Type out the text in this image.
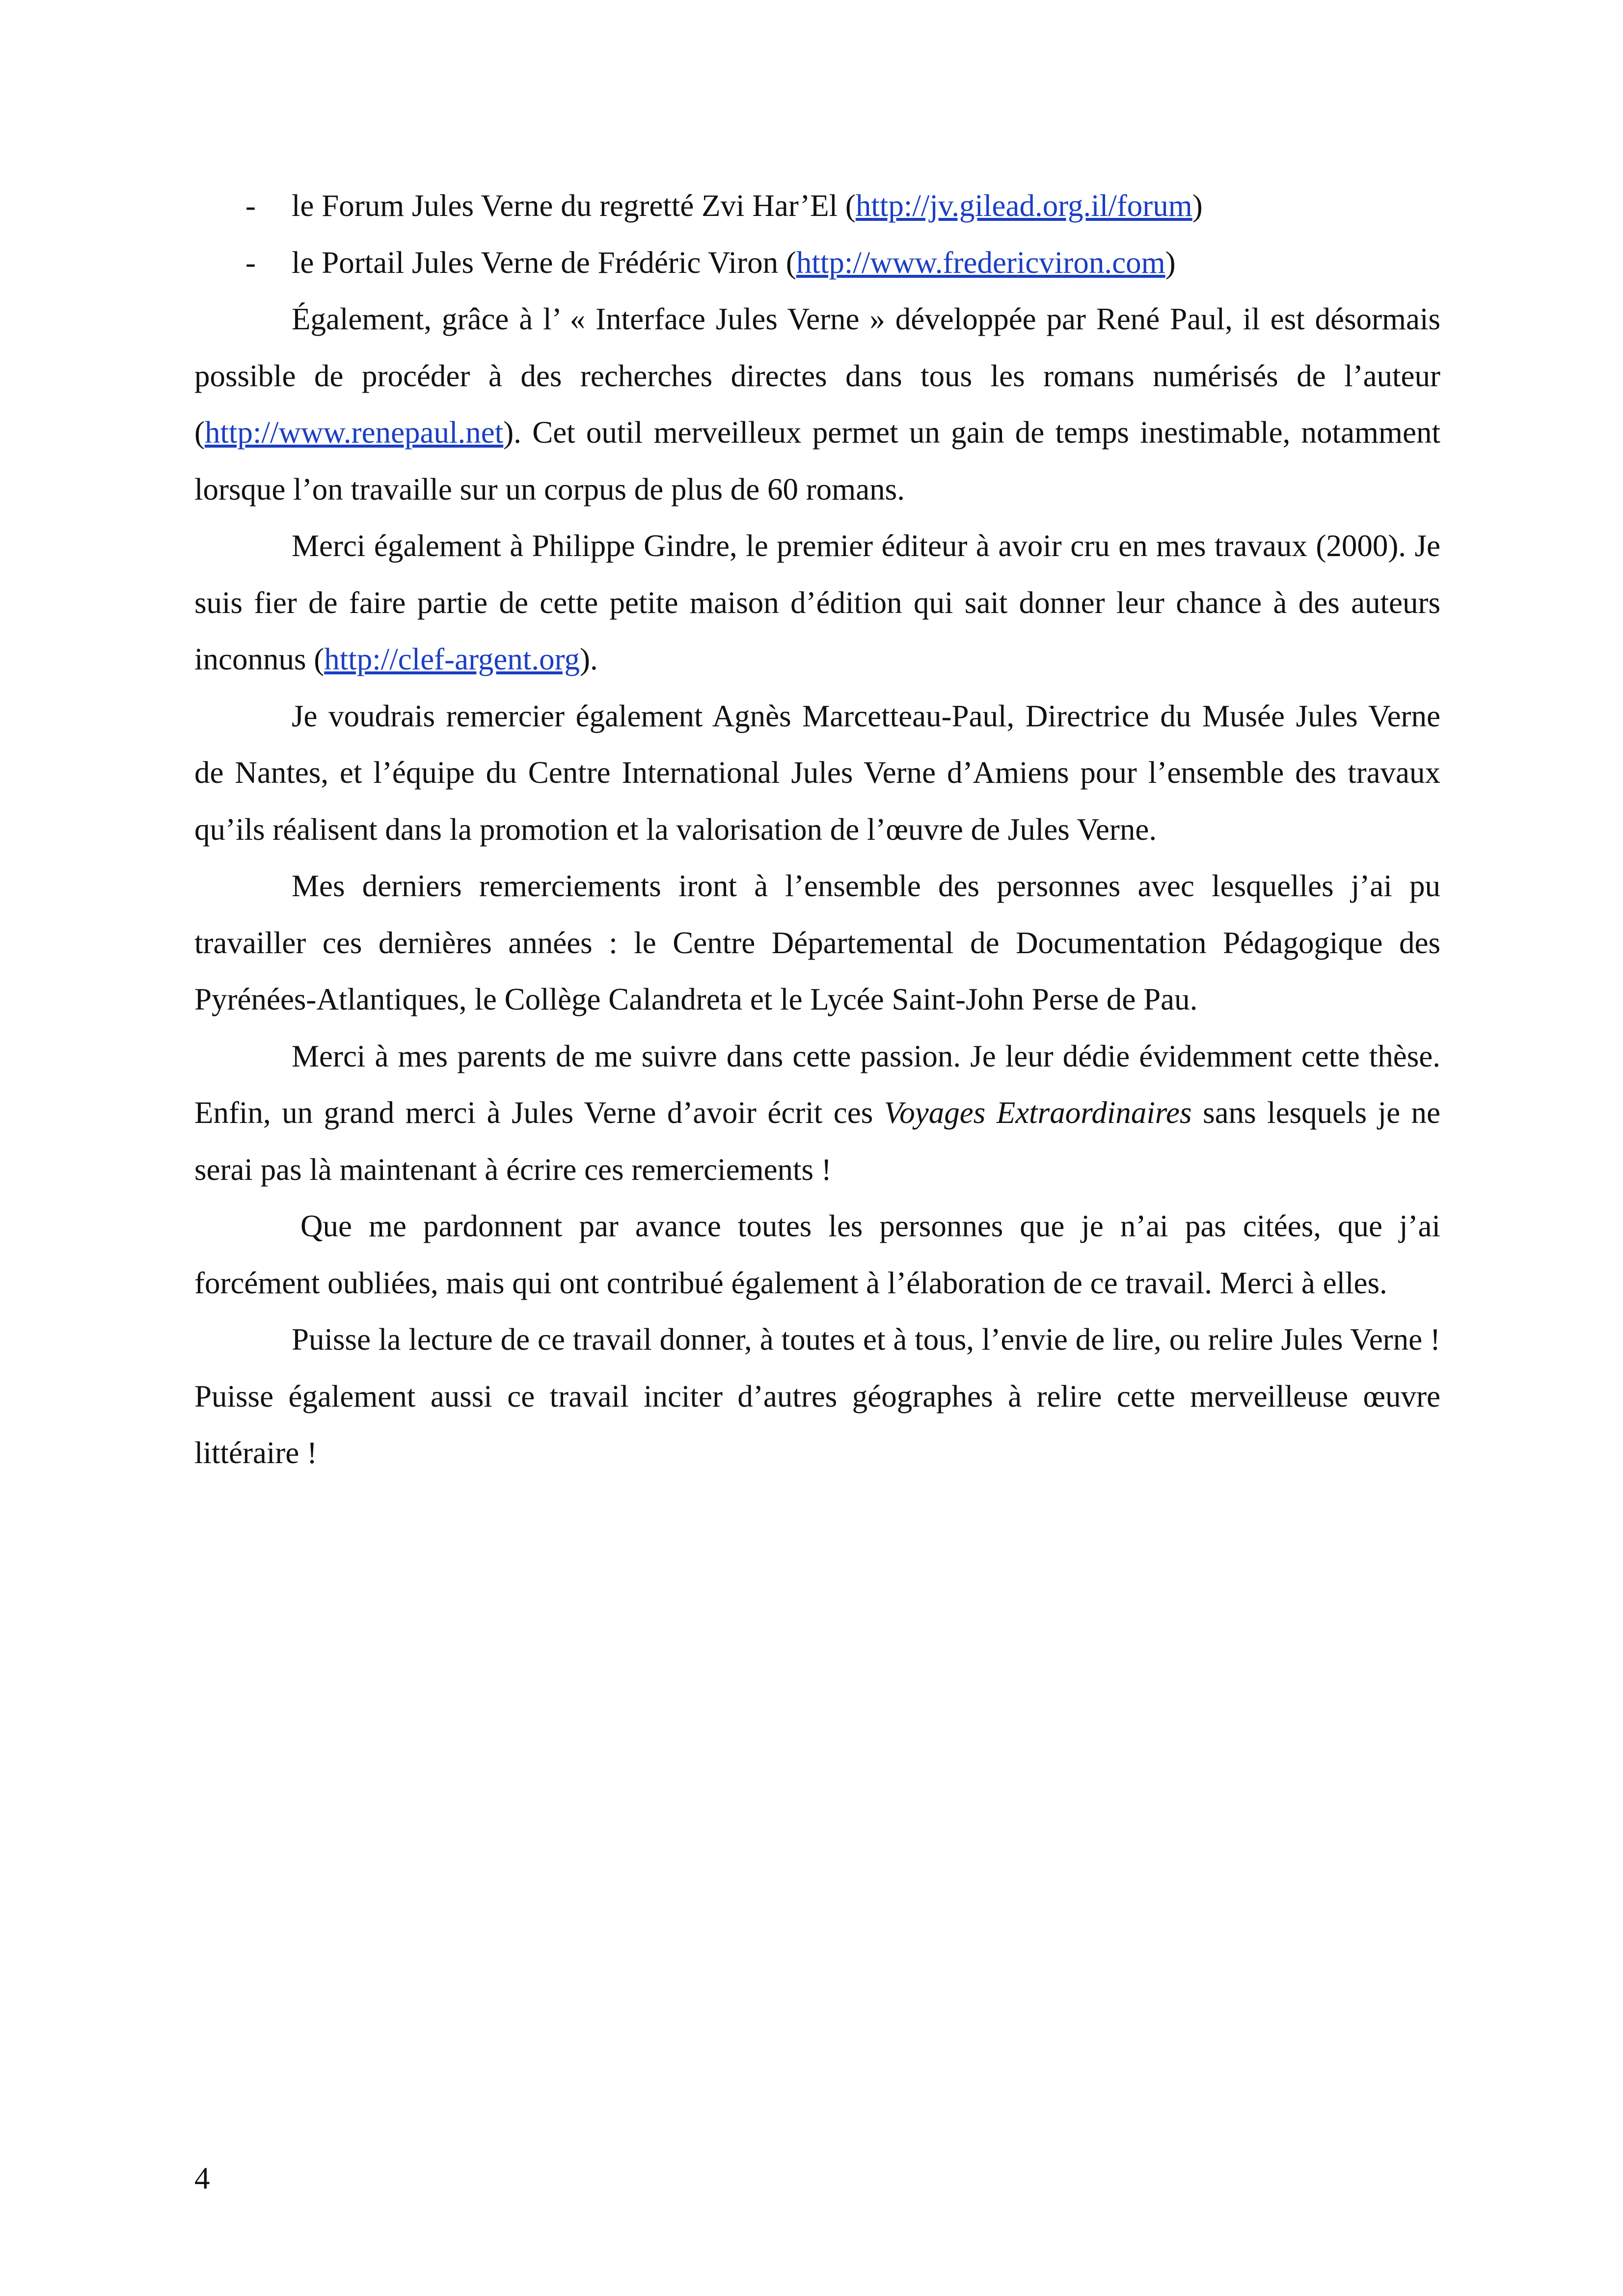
- le Forum Jules Verne du regretté Zvi Har’El (http://jv.gilead.org.il/forum)
- le Portail Jules Verne de Frédéric Viron (http://www.fredericviron.com)

Également, grâce à l’ « Interface Jules Verne » développée par René Paul, il est désormais possible de procéder à des recherches directes dans tous les romans numérisés de l’auteur (http://www.renepaul.net). Cet outil merveilleux permet un gain de temps inestimable, notamment lorsque l’on travaille sur un corpus de plus de 60 romans.

Merci également à Philippe Gindre, le premier éditeur à avoir cru en mes travaux (2000). Je suis fier de faire partie de cette petite maison d’édition qui sait donner leur chance à des auteurs inconnus (http://clef-argent.org).

Je voudrais remercier également Agnès Marcetteau-Paul, Directrice du Musée Jules Verne de Nantes, et l’équipe du Centre International Jules Verne d’Amiens pour l’ensemble des travaux qu’ils réalisent dans la promotion et la valorisation de l’œuvre de Jules Verne.

Mes derniers remerciements iront à l’ensemble des personnes avec lesquelles j’ai pu travailler ces dernières années : le Centre Départemental de Documentation Pédagogique des Pyrénées-Atlantiques, le Collège Calandreta et le Lycée Saint-John Perse de Pau.

Merci à mes parents de me suivre dans cette passion. Je leur dédie évidemment cette thèse. Enfin, un grand merci à Jules Verne d’avoir écrit ces Voyages Extraordinaires sans lesquels je ne serai pas là maintenant à écrire ces remerciements !

Que me pardonnent par avance toutes les personnes que je n’ai pas citées, que j’ai forcément oubliées, mais qui ont contribué également à l’élaboration de ce travail. Merci à elles.

Puisse la lecture de ce travail donner, à toutes et à tous, l’envie de lire, ou relire Jules Verne ! Puisse également aussi ce travail inciter d’autres géographes à relire cette merveilleuse œuvre littéraire !

4
